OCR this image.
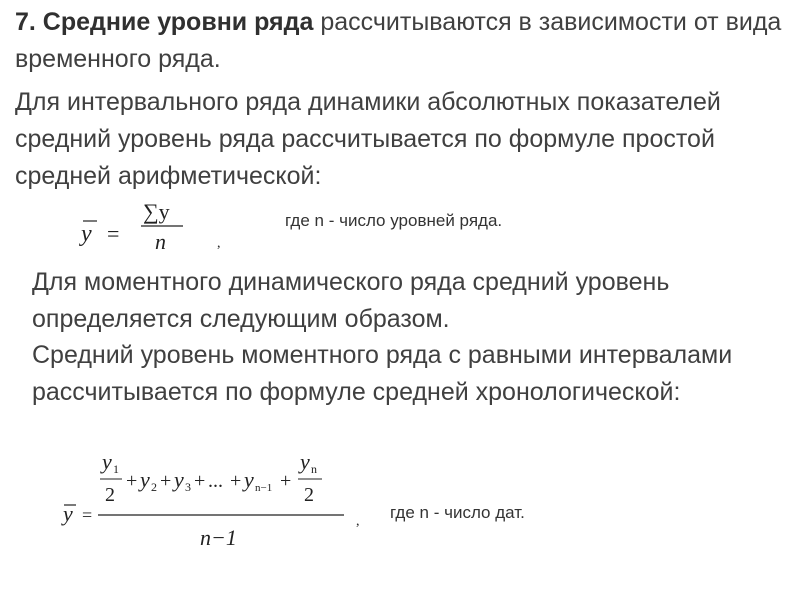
7. Средние уровни ряда рассчитываются в зависимости от вида временного ряда.

Для интервального ряда динамики абсолютных показателей средний уровень ряда рассчитывается по формуле простой средней арифметической:

y =
∑y
n	,
где n - число уровней ряда.

Для моментного динамического ряда средний уровень определяется следующим образом.

Средний уровень моментного ряда с равными интервалами рассчитывается по формуле средней хронологической:

y =
y 1
2
+ y 2 + y 3 + ... + y n−1 +
y n
2
n−1
, где n - число дат.
